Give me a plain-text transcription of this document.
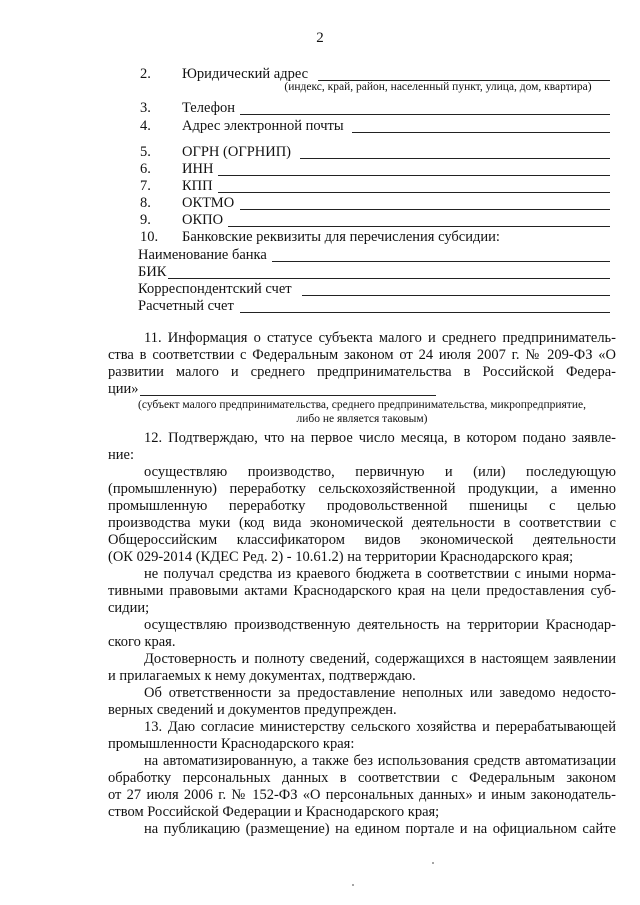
2
2. Юридический адрес
(индекс, край, район, населенный пункт, улица, дом, квартира)
3. Телефон
4. Адрес электронной почты
5. ОГРН (ОГРНИП)
6. ИНН
7. КПП
8. ОКТМО
9. ОКПО
10. Банковские реквизиты для перечисления субсидии:
Наименование банка
БИК
Корреспондентский счет
Расчетный счет
11. Информация о статусе субъекта малого и среднего предприниматель-
ства в соответствии с Федеральным законом от 24 июля 2007 г. № 209-ФЗ «О
развитии малого и среднего предпринимательства в Российской Федера-
ции»
(субъект малого предпринимательства, среднего предпринимательства, микропредприятие,
либо не является таковым)
12. Подтверждаю, что на первое число месяца, в котором подано заявле-
ние:
осуществляю производство, первичную и (или) последующую
(промышленную) переработку сельскохозяйственной продукции, а именно
промышленную переработку продовольственной пшеницы с целью
производства муки (код вида экономической деятельности в соответствии с
Общероссийским классификатором видов экономической деятельности
(ОК 029-2014 (КДЕС Ред. 2) - 10.61.2) на территории Краснодарского края;
не получал средства из краевого бюджета в соответствии с иными норма-
тивными правовыми актами Краснодарского края на цели предоставления суб-
сидии;
осуществляю производственную деятельность на территории Краснодар-
ского края.
Достоверность и полноту сведений, содержащихся в настоящем заявлении
и прилагаемых к нему документах, подтверждаю.
Об ответственности за предоставление неполных или заведомо недосто-
верных сведений и документов предупрежден.
13. Даю согласие министерству сельского хозяйства и перерабатывающей
промышленности Краснодарского края:
на автоматизированную, а также без использования средств автоматизации
обработку персональных данных в соответствии с Федеральным законом
от 27 июля 2006 г. № 152-ФЗ «О персональных данных» и иным законодатель-
ством Российской Федерации и Краснодарского края;
на публикацию (размещение) на едином портале и на официальном сайте
